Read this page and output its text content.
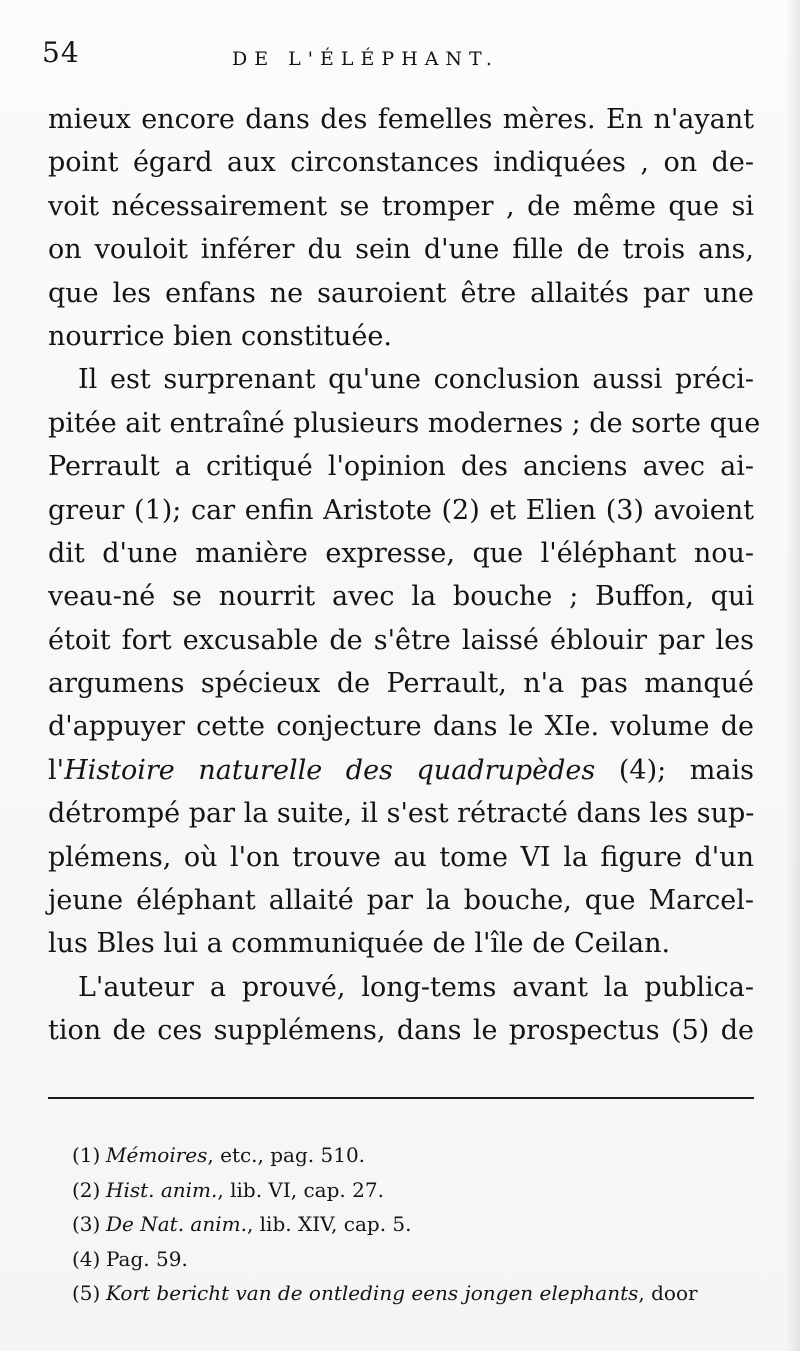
54	DE L'ÉLÉPHANT.
mieux encore dans des femelles mères. En n'ayant
point égard aux circonstances indiquées , on de-
voit nécessairement se tromper , de même que si
on vouloit inférer du sein d'une fille de trois ans,
que les enfans ne sauroient être allaités par une
nourrice bien constituée.
Il est surprenant qu'une conclusion aussi préci-
pitée ait entraîné plusieurs modernes ; de sorte que
Perrault a critiqué l'opinion des anciens avec ai-
greur (1); car enfin Aristote (2) et Elien (3) avoient
dit d'une manière expresse, que l'éléphant nou-
veau-né se nourrit avec la bouche ; Buffon, qui
étoit fort excusable de s'être laissé éblouir par les
argumens spécieux de Perrault, n'a pas manqué
d'appuyer cette conjecture dans le XIe. volume de
l'Histoire naturelle des quadrupèdes (4); mais
détrompé par la suite, il s'est rétracté dans les sup-
plémens, où l'on trouve au tome VI la figure d'un
jeune éléphant allaité par la bouche, que Marcel-
lus Bles lui a communiquée de l'île de Ceilan.
L'auteur a prouvé, long-tems avant la publica-
tion de ces supplémens, dans le prospectus (5) de
(1) Mémoires, etc., pag. 510.
(2) Hist. anim., lib. VI, cap. 27.
(3) De Nat. anim., lib. XIV, cap. 5.
(4) Pag. 59.
(5) Kort bericht van de ontleding eens jongen elephants, door
